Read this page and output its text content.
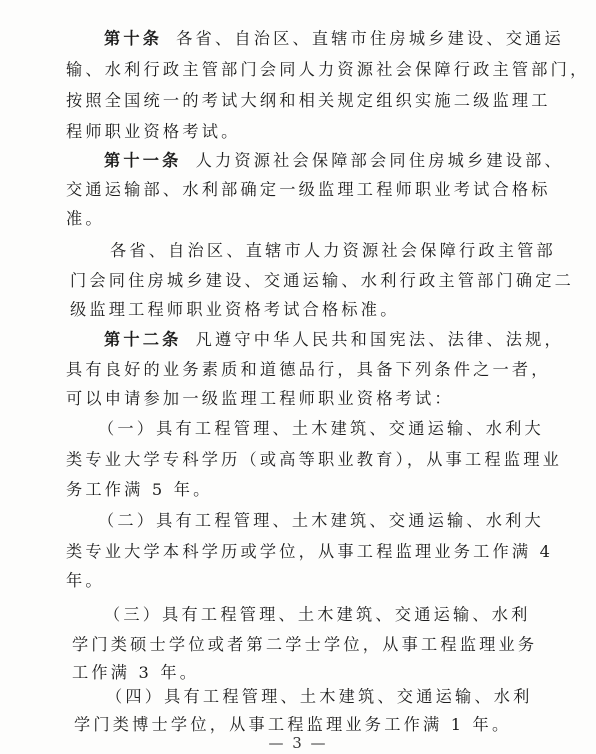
第十条 各省、自治区、直辖市住房城乡建设、交通运
输、水利行政主管部门会同人力资源社会保障行政主管部门，
按照全国统一的考试大纲和相关规定组织实施二级监理工
程师职业资格考试。
第十一条 人力资源社会保障部会同住房城乡建设部、
交通运输部、水利部确定一级监理工程师职业考试合格标
准。
各省、自治区、直辖市人力资源社会保障行政主管部
门会同住房城乡建设、交通运输、水利行政主管部门确定二
级监理工程师职业资格考试合格标准。
第十二条 凡遵守中华人民共和国宪法、法律、法规，
具有良好的业务素质和道德品行，具备下列条件之一者，
可以申请参加一级监理工程师职业资格考试：
（一）具有工程管理、土木建筑、交通运输、水利大
类专业大学专科学历（或高等职业教育），从事工程监理业
务工作满 5 年。
（二）具有工程管理、土木建筑、交通运输、水利大
类专业大学本科学历或学位，从事工程监理业务工作满 4
年。
（三）具有工程管理、土木建筑、交通运输、水利
学门类硕士学位或者第二学士学位，从事工程监理业务
工作满 3 年。
（四）具有工程管理、土木建筑、交通运输、水利
学门类博士学位，从事工程监理业务工作满 1 年。
— 3 —
